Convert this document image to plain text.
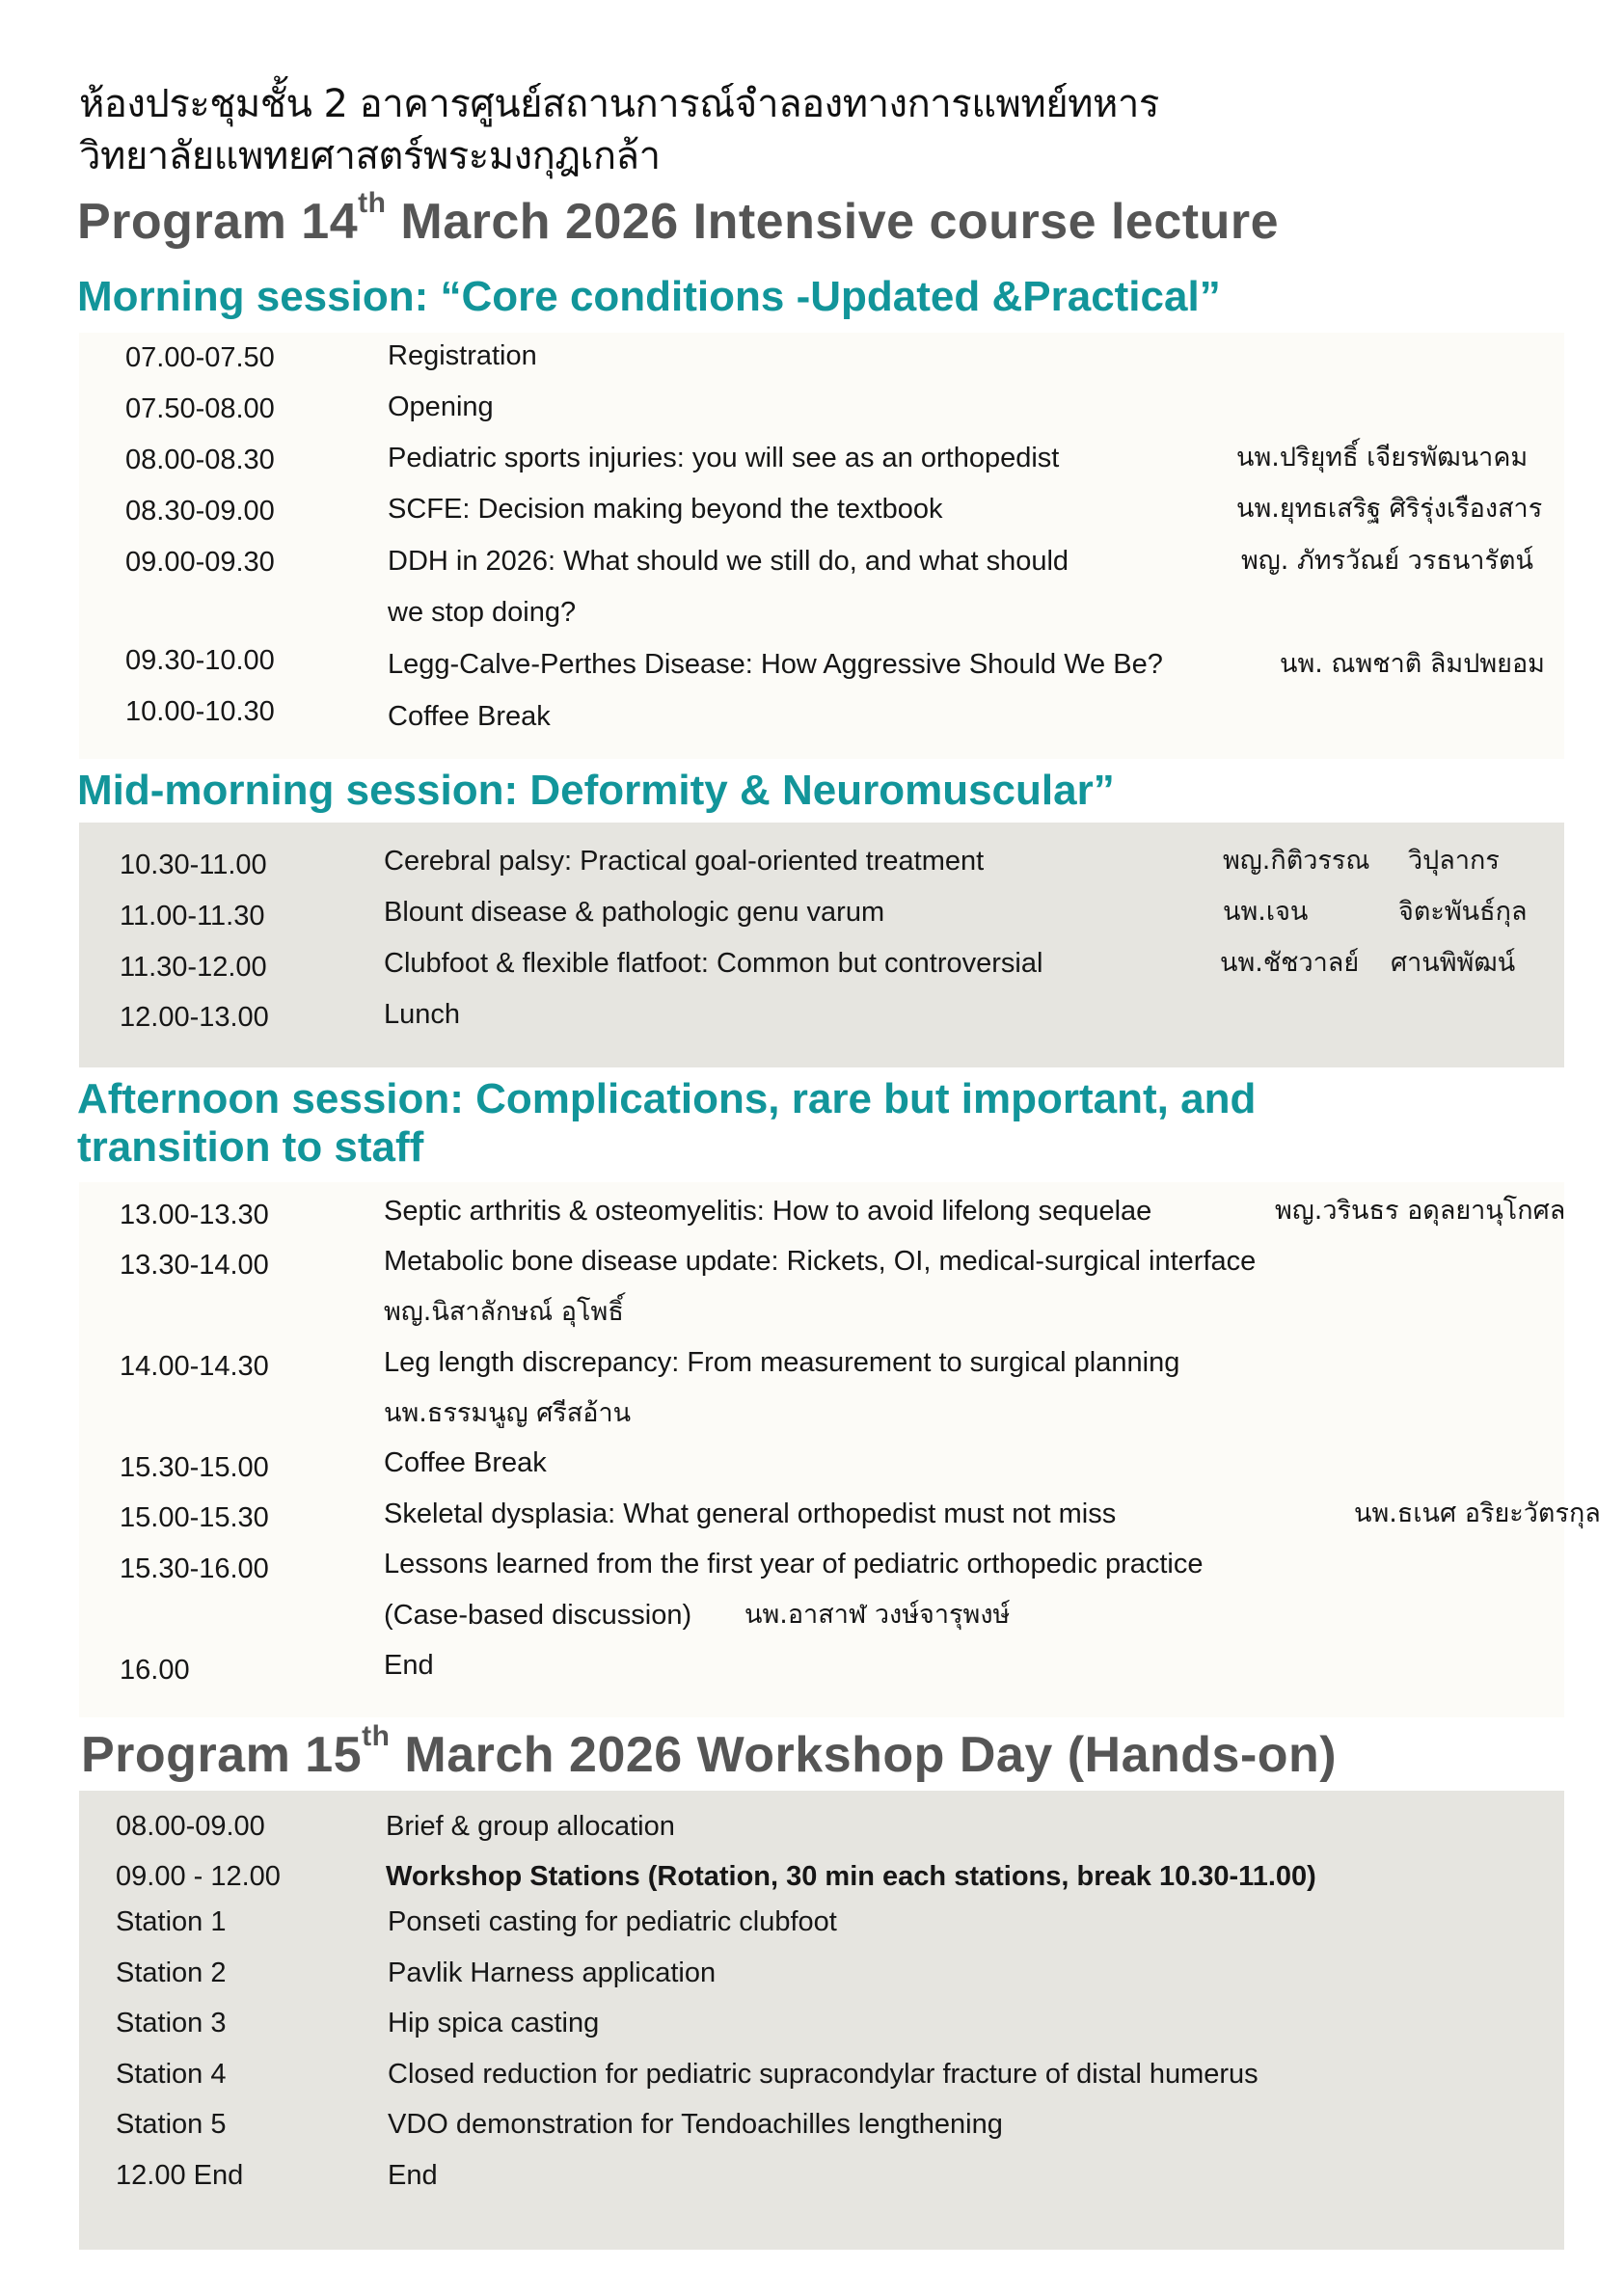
ห้องประชุมชั้น 2 อาคารศูนย์สถานการณ์จำลองทางการแพทย์ทหาร
วิทยาลัยแพทยศาสตร์พระมงกุฎเกล้า
Program 14th March 2026 Intensive course lecture
Morning session: “Core conditions -Updated &Practical”
07.00-07.50	Registration
07.50-08.00	Opening
08.00-08.30	Pediatric sports injuries: you will see as an orthopedist	นพ.ปริยุทธิ์ เจียรพัฒนาคม
08.30-09.00	SCFE: Decision making beyond the textbook	นพ.ยุทธเสริฐ ศิริรุ่งเรืองสาร
09.00-09.30	DDH in 2026: What should we still do, and what should
we stop doing?
พญ. ภัทรวัณย์ วรธนารัตน์
09.30-10.00	Legg-Calve-Perthes Disease: How Aggressive Should We Be?	นพ. ณพชาติ ลิมปพยอม
10.00-10.30	Coffee Break
Mid-morning session: Deformity & Neuromuscular”
10.30-11.00	Cerebral palsy: Practical goal-oriented treatment	พญ.กิติวรรณ วิปุลากร
11.00-11.30	Blount disease & pathologic genu varum	นพ.เจน	จิตะพันธ์กุล
11.30-12.00	Clubfoot & flexible flatfoot: Common but controversial	นพ.ชัชวาลย์ ศานพิพัฒน์
12.00-13.00	Lunch
Afternoon session: Complications, rare but important, and
transition to staff
13.00-13.30	Septic arthritis & osteomyelitis: How to avoid lifelong sequelae	พญ.วรินธร อดุลยานุโกศล
13.30-14.00	Metabolic bone disease update: Rickets, OI, medical-surgical interface
พญ.นิสาลักษณ์ อุโพธิ์
14.00-14.30	Leg length discrepancy: From measurement to surgical planning
นพ.ธรรมนูญ ศรีสอ้าน
15.30-15.00	Coffee Break
15.00-15.30	Skeletal dysplasia: What general orthopedist must not miss	นพ.ธเนศ อริยะวัตรกุล
15.30-16.00	Lessons learned from the first year of pediatric orthopedic practice
(Case-based discussion) นพ.อาสาฬ วงษ์จารุพงษ์
16.00	End
Program 15th March 2026 Workshop Day (Hands-on)
08.00-09.00	Brief & group allocation
09.00 - 12.00	Workshop Stations (Rotation, 30 min each stations, break 10.30-11.00)
Station 1	Ponseti casting for pediatric clubfoot
Station 2	Pavlik Harness application
Station 3	Hip spica casting
Station 4	Closed reduction for pediatric supracondylar fracture of distal humerus
Station 5	VDO demonstration for Tendoachilles lengthening
12.00 End	End
